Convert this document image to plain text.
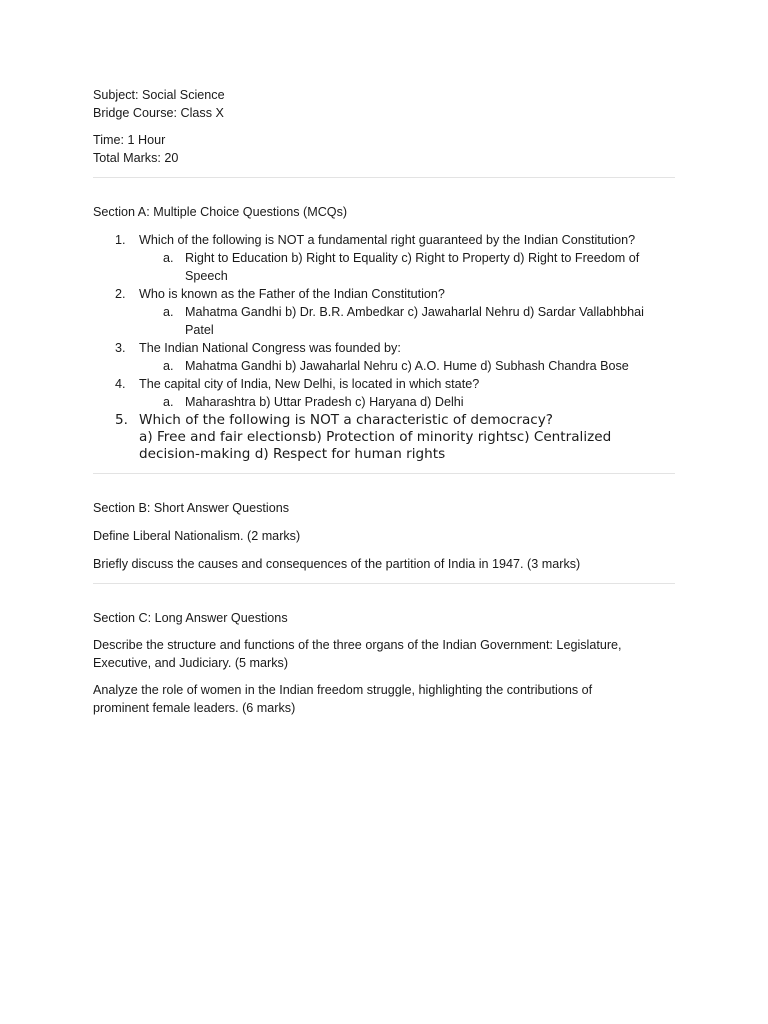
Subject: Social Science
Bridge Course: Class X
Time: 1 Hour
Total Marks: 20
Section A: Multiple Choice Questions (MCQs)
1.	Which of the following is NOT a fundamental right guaranteed by the Indian Constitution?
a. Right to Education b) Right to Equality c) Right to Property d) Right to Freedom of
Speech
2.	Who is known as the Father of the Indian Constitution?
a. Mahatma Gandhi b) Dr. B.R. Ambedkar c) Jawaharlal Nehru d) Sardar Vallabhbhai
Patel
3.	The Indian National Congress was founded by:
a. Mahatma Gandhi b) Jawaharlal Nehru c) A.O. Hume d) Subhash Chandra Bose
4.	The capital city of India, New Delhi, is located in which state?
a. Maharashtra b) Uttar Pradesh c) Haryana d) Delhi
5. Which of the following is NOT a characteristic of democracy?
a) Free and fair electionsb) Protection of minority rightsc) Centralized
decision-making d) Respect for human rights
Section B: Short Answer Questions
Define Liberal Nationalism. (2 marks)
Briefly discuss the causes and consequences of the partition of India in 1947. (3 marks)
Section C: Long Answer Questions
Describe the structure and functions of the three organs of the Indian Government: Legislature,
Executive, and Judiciary. (5 marks)
Analyze the role of women in the Indian freedom struggle, highlighting the contributions of
prominent female leaders. (6 marks)
